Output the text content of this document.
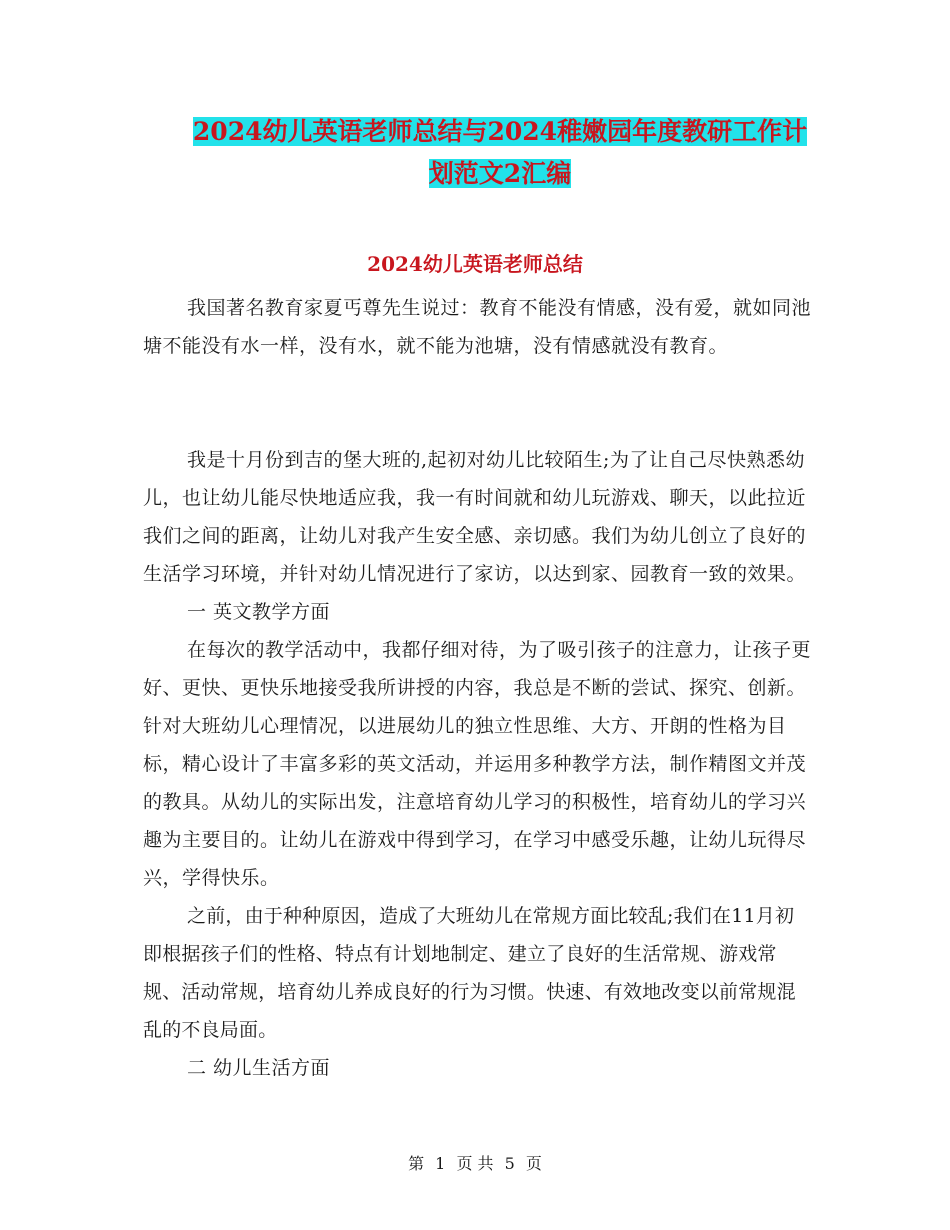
2024幼儿英语老师总结与2024稚嫩园年度教研工作计
划范文2汇编
2024幼儿英语老师总结

我国著名教育家夏丐尊先生说过：教育不能没有情感，没有爱，就如同池塘不能没有水一样，没有水，就不能为池塘，没有情感就没有教育。

我是十月份到吉的堡大班的,起初对幼儿比较陌生;为了让自己尽快熟悉幼儿，也让幼儿能尽快地适应我，我一有时间就和幼儿玩游戏、聊天，以此拉近我们之间的距离，让幼儿对我产生安全感、亲切感。我们为幼儿创立了良好的生活学习环境，并针对幼儿情况进行了家访，以达到家、园教育一致的效果。

一 英文教学方面

在每次的教学活动中，我都仔细对待，为了吸引孩子的注意力，让孩子更好、更快、更快乐地接受我所讲授的内容，我总是不断的尝试、探究、创新。针对大班幼儿心理情况，以进展幼儿的独立性思维、大方、开朗的性格为目标，精心设计了丰富多彩的英文活动，并运用多种教学方法，制作精图文并茂的教具。从幼儿的实际出发，注意培育幼儿学习的积极性，培育幼儿的学习兴趣为主要目的。让幼儿在游戏中得到学习，在学习中感受乐趣，让幼儿玩得尽兴，学得快乐。

之前，由于种种原因，造成了大班幼儿在常规方面比较乱;我们在11月初即根据孩子们的性格、特点有计划地制定、建立了良好的生活常规、游戏常规、活动常规，培育幼儿养成良好的行为习惯。快速、有效地改变以前常规混乱的不良局面。

二 幼儿生活方面

第 1 页 共 5 页
